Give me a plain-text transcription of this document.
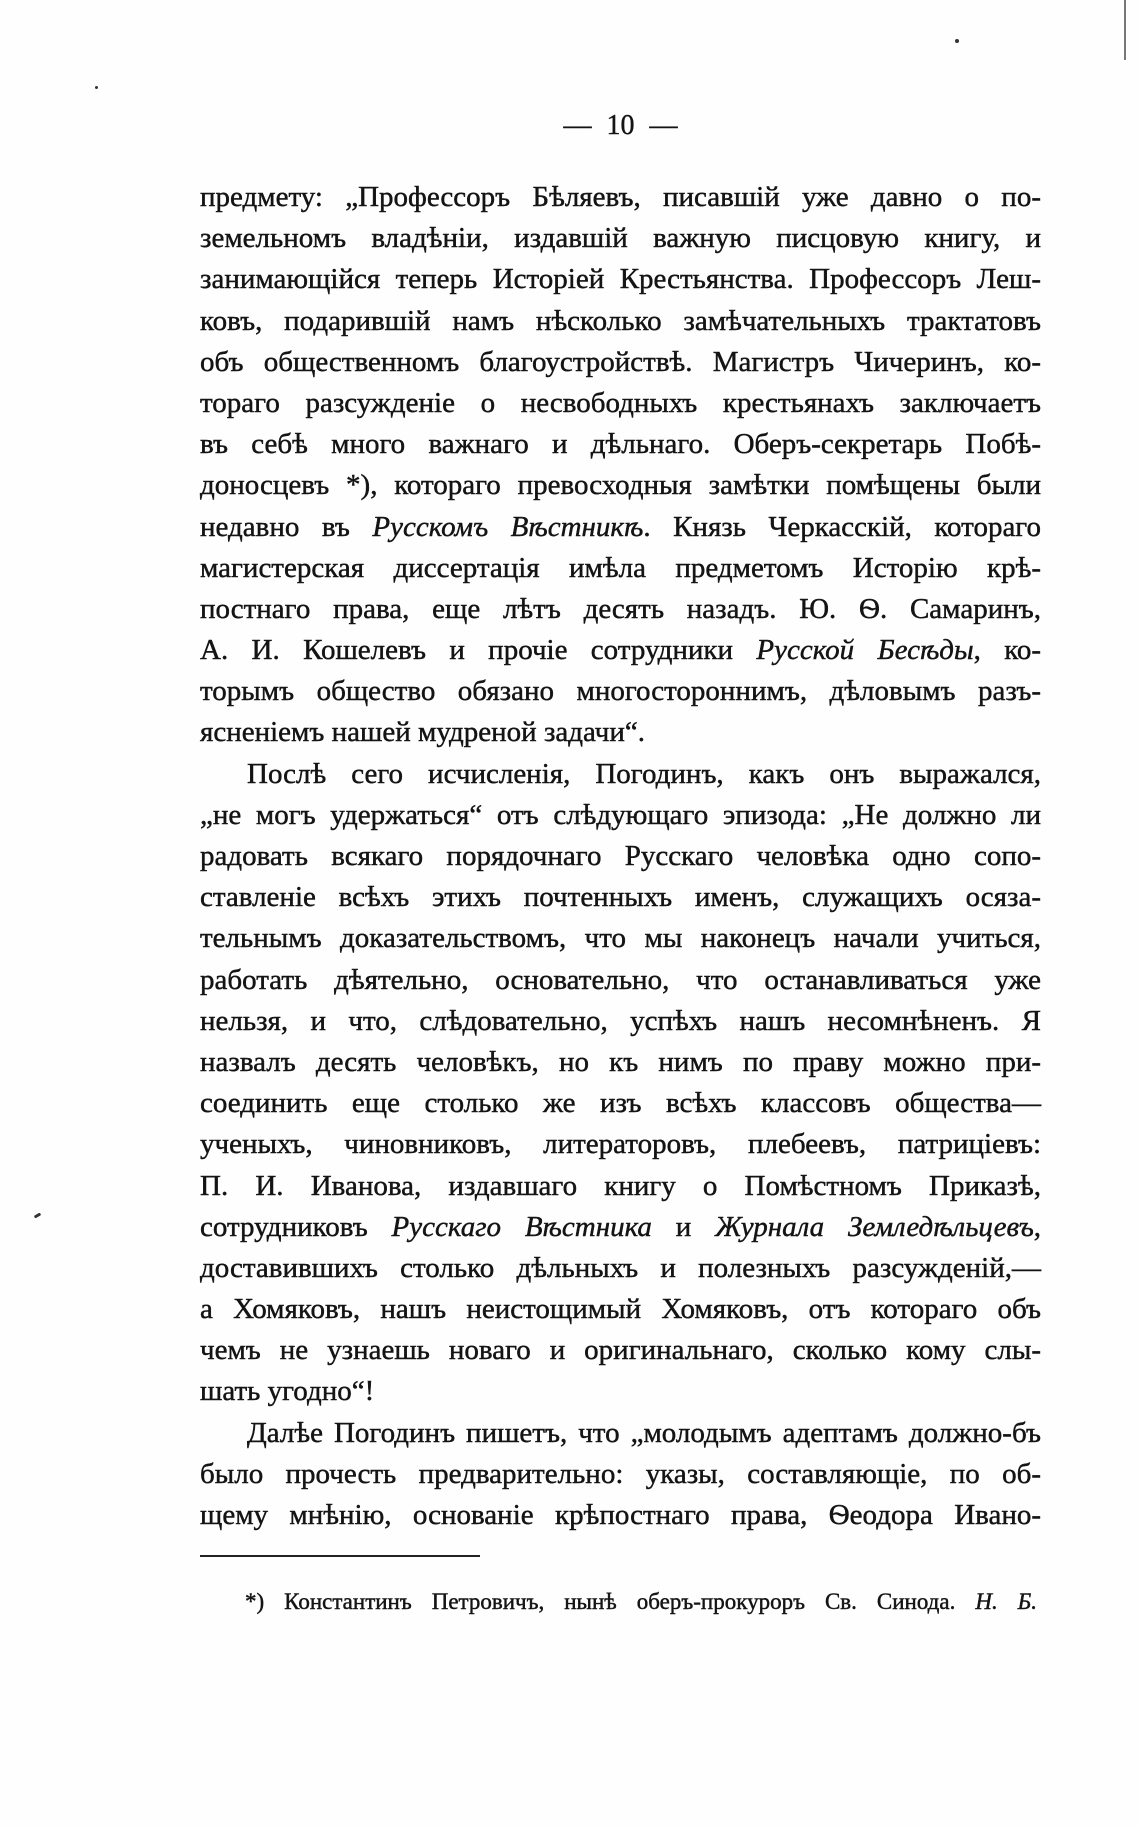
— 10 —
предмету: „Профессоръ Бѣляевъ, писавшій уже давно о по-
земельномъ владѣніи, издавшій важную писцовую книгу, и
занимающійся теперь Исторіей Крестьянства. Профессоръ Леш-
ковъ, подарившій намъ нѣсколько замѣчательныхъ трактатовъ
объ общественномъ благоустройствѣ. Магистръ Чичеринъ, ко-
тораго разсужденіе о несвободныхъ крестьянахъ заключаетъ
въ себѣ много важнаго и дѣльнаго. Оберъ-секретарь Побѣ-
доносцевъ *), котораго превосходныя замѣтки помѣщены были
недавно въ Русскомъ Вѣстникѣ. Князь Черкасскій, котораго
магистерская диссертація имѣла предметомъ Исторію крѣ-
постнаго права, еще лѣтъ десять назадъ. Ю. Ѳ. Самаринъ,
А. И. Кошелевъ и прочіе сотрудники Русской Бесѣды, ко-
торымъ общество обязано многостороннимъ, дѣловымъ разъ-
ясненіемъ нашей мудреной задачи“.
Послѣ сего исчисленія, Погодинъ, какъ онъ выражался,
„не могъ удержаться“ отъ слѣдующаго эпизода: „Не должно ли
радовать всякаго порядочнаго Русскаго человѣка одно сопо-
ставленіе всѣхъ этихъ почтенныхъ именъ, служащихъ осяза-
тельнымъ доказательствомъ, что мы наконецъ начали учиться,
работать дѣятельно, основательно, что останавливаться уже
нельзя, и что, слѣдовательно, успѣхъ нашъ несомнѣненъ. Я
назвалъ десять человѣкъ, но къ нимъ по праву можно при-
соединить еще столько же изъ всѣхъ классовъ общества—
ученыхъ, чиновниковъ, литераторовъ, плебеевъ, патриціевъ:
П. И. Иванова, издавшаго книгу о Помѣстномъ Приказѣ,
сотрудниковъ Русскаго Вѣстника и Журнала Земледѣльцевъ,
доставившихъ столько дѣльныхъ и полезныхъ разсужденій,—
а Хомяковъ, нашъ неистощимый Хомяковъ, отъ котораго объ
чемъ не узнаешь новаго и оригинальнаго, сколько кому слы-
шать угодно“!
Далѣе Погодинъ пишетъ, что „молодымъ адептамъ должно-бъ
было прочесть предварительно: указы, составляющіе, по об-
щему мнѣнію, основаніе крѣпостнаго права, Ѳеодора Ивано-
*) Константинъ Петровичъ, нынѣ оберъ-прокуроръ Св. Синода. Н. Б.
